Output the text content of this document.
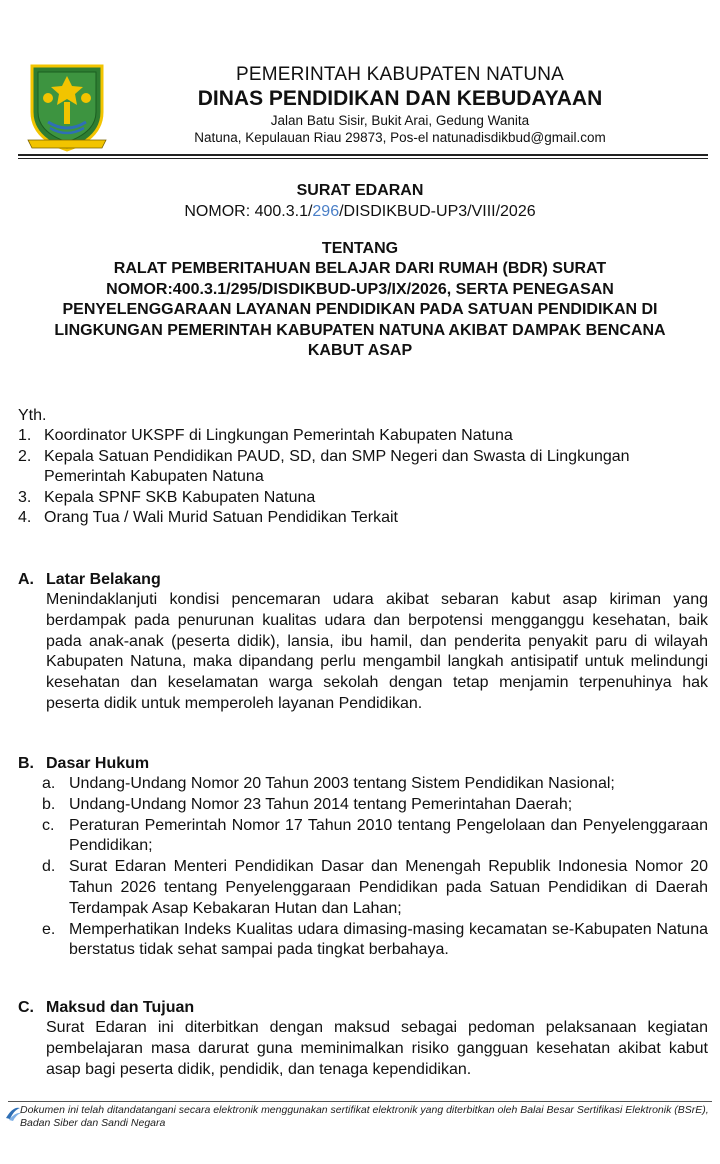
PEMERINTAH KABUPATEN NATUNA
DINAS PENDIDIKAN DAN KEBUDAYAAN
Jalan Batu Sisir, Bukit Arai, Gedung Wanita
Natuna, Kepulauan Riau 29873, Pos-el natunadisdikbud@gmail.com
SURAT EDARAN
NOMOR: 400.3.1/296/DISDIKBUD-UP3/VIII/2026
TENTANG
RALAT PEMBERITAHUAN BELAJAR DARI RUMAH (BDR) SURAT
NOMOR:400.3.1/295/DISDIKBUD-UP3/IX/2026, SERTA PENEGASAN
PENYELENGGARAAN LAYANAN PENDIDIKAN PADA SATUAN PENDIDIKAN DI
LINGKUNGAN PEMERINTAH KABUPATEN NATUNA AKIBAT DAMPAK BENCANA
KABUT ASAP
Yth.
1. Koordinator UKSPF di Lingkungan Pemerintah Kabupaten Natuna
2. Kepala Satuan Pendidikan PAUD, SD, dan SMP Negeri dan Swasta di Lingkungan Pemerintah Kabupaten Natuna
3. Kepala SPNF SKB Kabupaten Natuna
4. Orang Tua / Wali Murid Satuan Pendidikan Terkait
A. Latar Belakang
Menindaklanjuti kondisi pencemaran udara akibat sebaran kabut asap kiriman yang berdampak pada penurunan kualitas udara dan berpotensi mengganggu kesehatan, baik pada anak-anak (peserta didik), lansia, ibu hamil, dan penderita penyakit paru di wilayah Kabupaten Natuna, maka dipandang perlu mengambil langkah antisipatif untuk melindungi kesehatan dan keselamatan warga sekolah dengan tetap menjamin terpenuhinya hak peserta didik untuk memperoleh layanan Pendidikan.
B. Dasar Hukum
a. Undang-Undang Nomor 20 Tahun 2003 tentang Sistem Pendidikan Nasional;
b. Undang-Undang Nomor 23 Tahun 2014 tentang Pemerintahan Daerah;
c. Peraturan Pemerintah Nomor 17 Tahun 2010 tentang Pengelolaan dan Penyelenggaraan Pendidikan;
d. Surat Edaran Menteri Pendidikan Dasar dan Menengah Republik Indonesia Nomor 20 Tahun 2026 tentang Penyelenggaraan Pendidikan pada Satuan Pendidikan di Daerah Terdampak Asap Kebakaran Hutan dan Lahan;
e. Memperhatikan Indeks Kualitas udara dimasing-masing kecamatan se-Kabupaten Natuna berstatus tidak sehat sampai pada tingkat berbahaya.
C. Maksud dan Tujuan
Surat Edaran ini diterbitkan dengan maksud sebagai pedoman pelaksanaan kegiatan pembelajaran masa darurat guna meminimalkan risiko gangguan kesehatan akibat kabut asap bagi peserta didik, pendidik, dan tenaga kependidikan.
Dokumen ini telah ditandatangani secara elektronik menggunakan sertifikat elektronik yang diterbitkan oleh Balai Besar Sertifikasi Elektronik (BSrE), Badan Siber dan Sandi Negara
